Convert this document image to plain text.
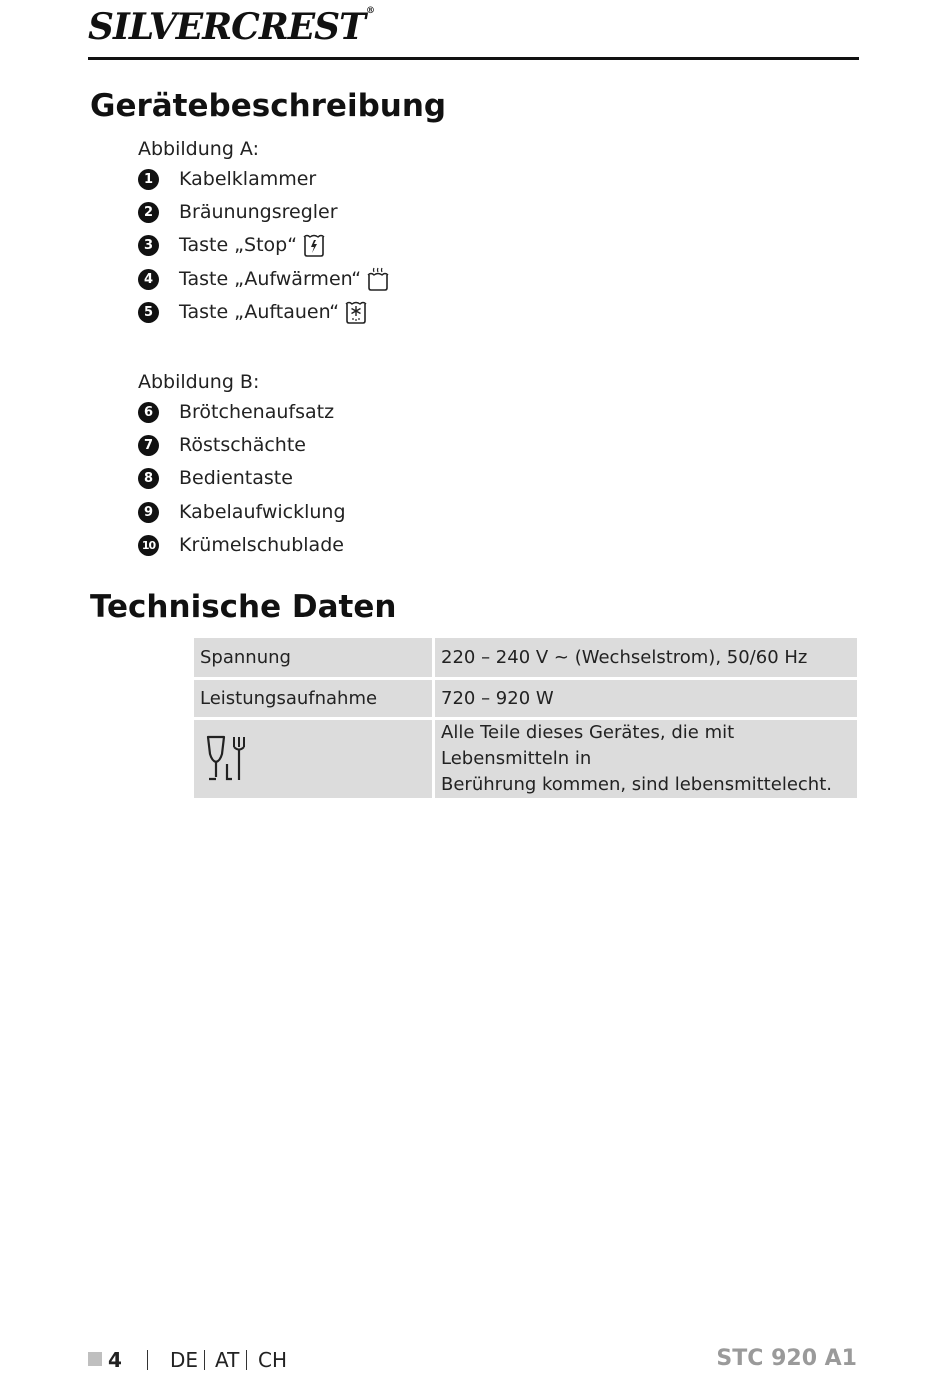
SILVERCREST®
Gerätebeschreibung
Abbildung A:
1	Kabelklammer
2	Bräunungsregler
3	Taste „Stop“
4	Taste „Aufwärmen“
5	Taste „Auftauen“
Abbildung B:
6	Brötchenaufsatz
7	Röstschächte
8	Bedientaste
9	Kabelaufwicklung
10 Krümelschublade
Technische Daten
Spannung	220 – 240 V ~ (Wechselstrom), 50/60 Hz
Leistungsaufnahme	720 – 920 W

Alle Teile dieses Gerätes, die mit Lebensmitteln in
Berührung kommen, sind lebensmittelecht.
4 DE AT CH	STC 920 A1
